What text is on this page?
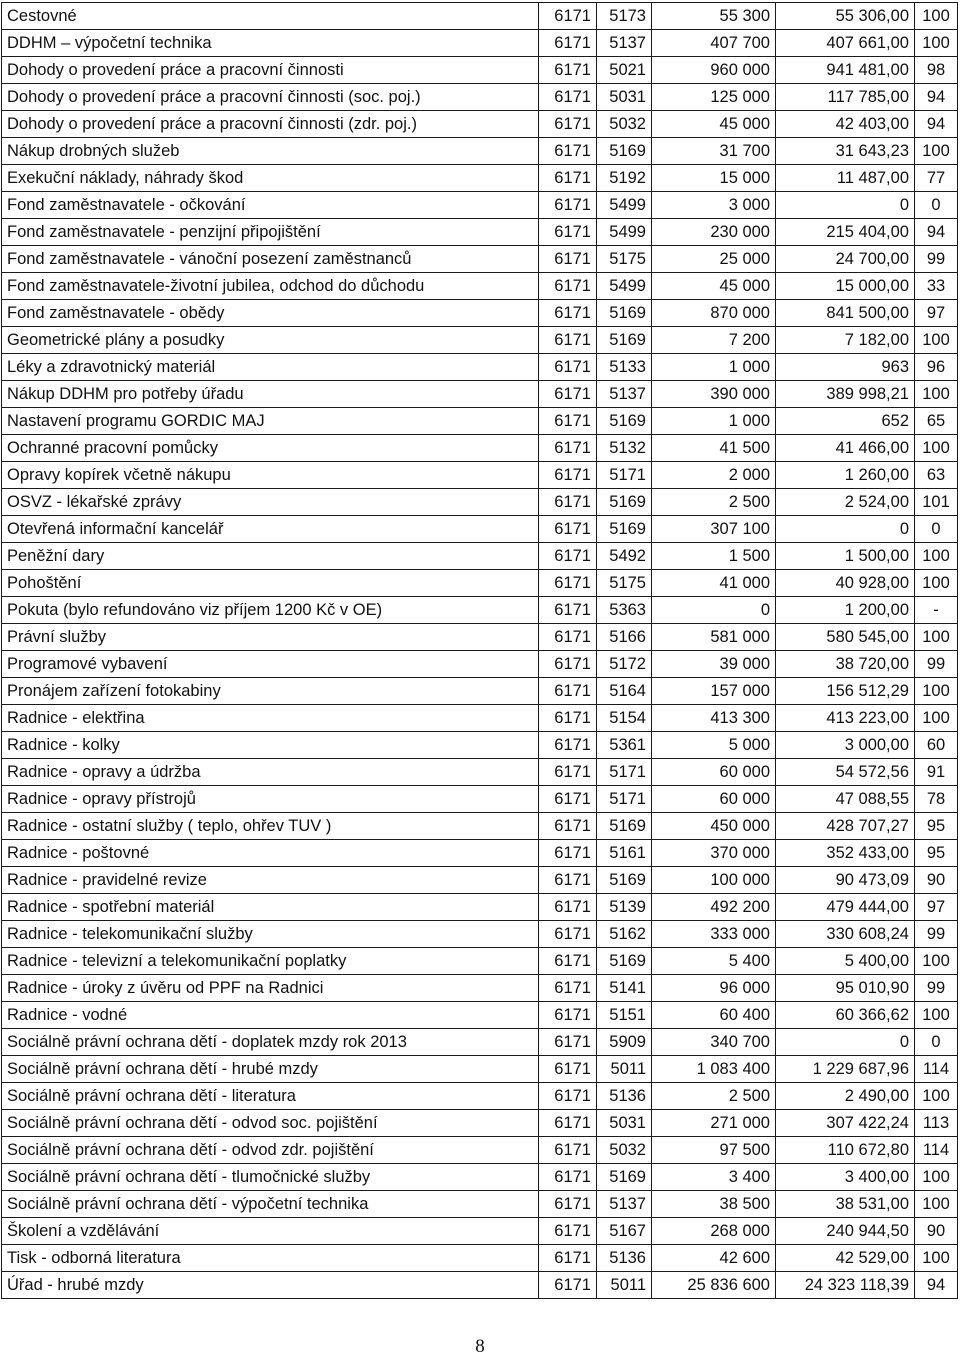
Cestovné	6171	5173	55 300	55 306,00	100
DDHM – výpočetní technika	6171	5137	407 700	407 661,00	100
Dohody o provedení práce a pracovní činnosti	6171	5021	960 000	941 481,00	98
Dohody o provedení práce a pracovní činnosti (soc. poj.)	6171	5031	125 000	117 785,00	94
Dohody o provedení práce a pracovní činnosti (zdr. poj.)	6171	5032	45 000	42 403,00	94
Nákup drobných služeb	6171	5169	31 700	31 643,23	100
Exekuční náklady, náhrady škod	6171	5192	15 000	11 487,00	77
Fond zaměstnavatele - očkování	6171	5499	3 000	0	0
Fond zaměstnavatele - penzijní připojištění	6171	5499	230 000	215 404,00	94
Fond zaměstnavatele - vánoční posezení zaměstnanců	6171	5175	25 000	24 700,00	99
Fond zaměstnavatele-životní jubilea, odchod do důchodu	6171	5499	45 000	15 000,00	33
Fond zaměstnavatele - obědy	6171	5169	870 000	841 500,00	97
Geometrické plány a posudky	6171	5169	7 200	7 182,00	100
Léky a zdravotnický materiál	6171	5133	1 000	963	96
Nákup DDHM pro potřeby úřadu	6171	5137	390 000	389 998,21	100
Nastavení programu GORDIC MAJ	6171	5169	1 000	652	65
Ochranné pracovní pomůcky	6171	5132	41 500	41 466,00	100
Opravy kopírek včetně nákupu	6171	5171	2 000	1 260,00	63
OSVZ - lékařské zprávy	6171	5169	2 500	2 524,00	101
Otevřená informační kancelář	6171	5169	307 100	0	0
Peněžní dary	6171	5492	1 500	1 500,00	100
Pohoštění	6171	5175	41 000	40 928,00	100
Pokuta (bylo refundováno viz příjem 1200 Kč v OE)	6171	5363	0	1 200,00	-
Právní služby	6171	5166	581 000	580 545,00	100
Programové vybavení	6171	5172	39 000	38 720,00	99
Pronájem zařízení fotokabiny	6171	5164	157 000	156 512,29	100
Radnice - elektřina	6171	5154	413 300	413 223,00	100
Radnice - kolky	6171	5361	5 000	3 000,00	60
Radnice - opravy a údržba	6171	5171	60 000	54 572,56	91
Radnice - opravy přístrojů	6171	5171	60 000	47 088,55	78
Radnice - ostatní služby ( teplo, ohřev TUV )	6171	5169	450 000	428 707,27	95
Radnice - poštovné	6171	5161	370 000	352 433,00	95
Radnice - pravidelné revize	6171	5169	100 000	90 473,09	90
Radnice - spotřební materiál	6171	5139	492 200	479 444,00	97
Radnice - telekomunikační služby	6171	5162	333 000	330 608,24	99
Radnice - televizní a telekomunikační poplatky	6171	5169	5 400	5 400,00	100
Radnice - úroky z úvěru od PPF na Radnici	6171	5141	96 000	95 010,90	99
Radnice - vodné	6171	5151	60 400	60 366,62	100
Sociálně právní ochrana dětí - doplatek mzdy rok 2013	6171	5909	340 700	0	0
Sociálně právní ochrana dětí - hrubé mzdy	6171	5011	1 083 400	1 229 687,96	114
Sociálně právní ochrana dětí - literatura	6171	5136	2 500	2 490,00	100
Sociálně právní ochrana dětí - odvod soc. pojištění	6171	5031	271 000	307 422,24	113
Sociálně právní ochrana dětí - odvod zdr. pojištění	6171	5032	97 500	110 672,80	114
Sociálně právní ochrana dětí - tlumočnické služby	6171	5169	3 400	3 400,00	100
Sociálně právní ochrana dětí - výpočetní technika	6171	5137	38 500	38 531,00	100
Školení a vzdělávání	6171	5167	268 000	240 944,50	90
Tisk - odborná literatura	6171	5136	42 600	42 529,00	100
Úřad - hrubé mzdy	6171	5011	25 836 600	24 323 118,39	94
8
